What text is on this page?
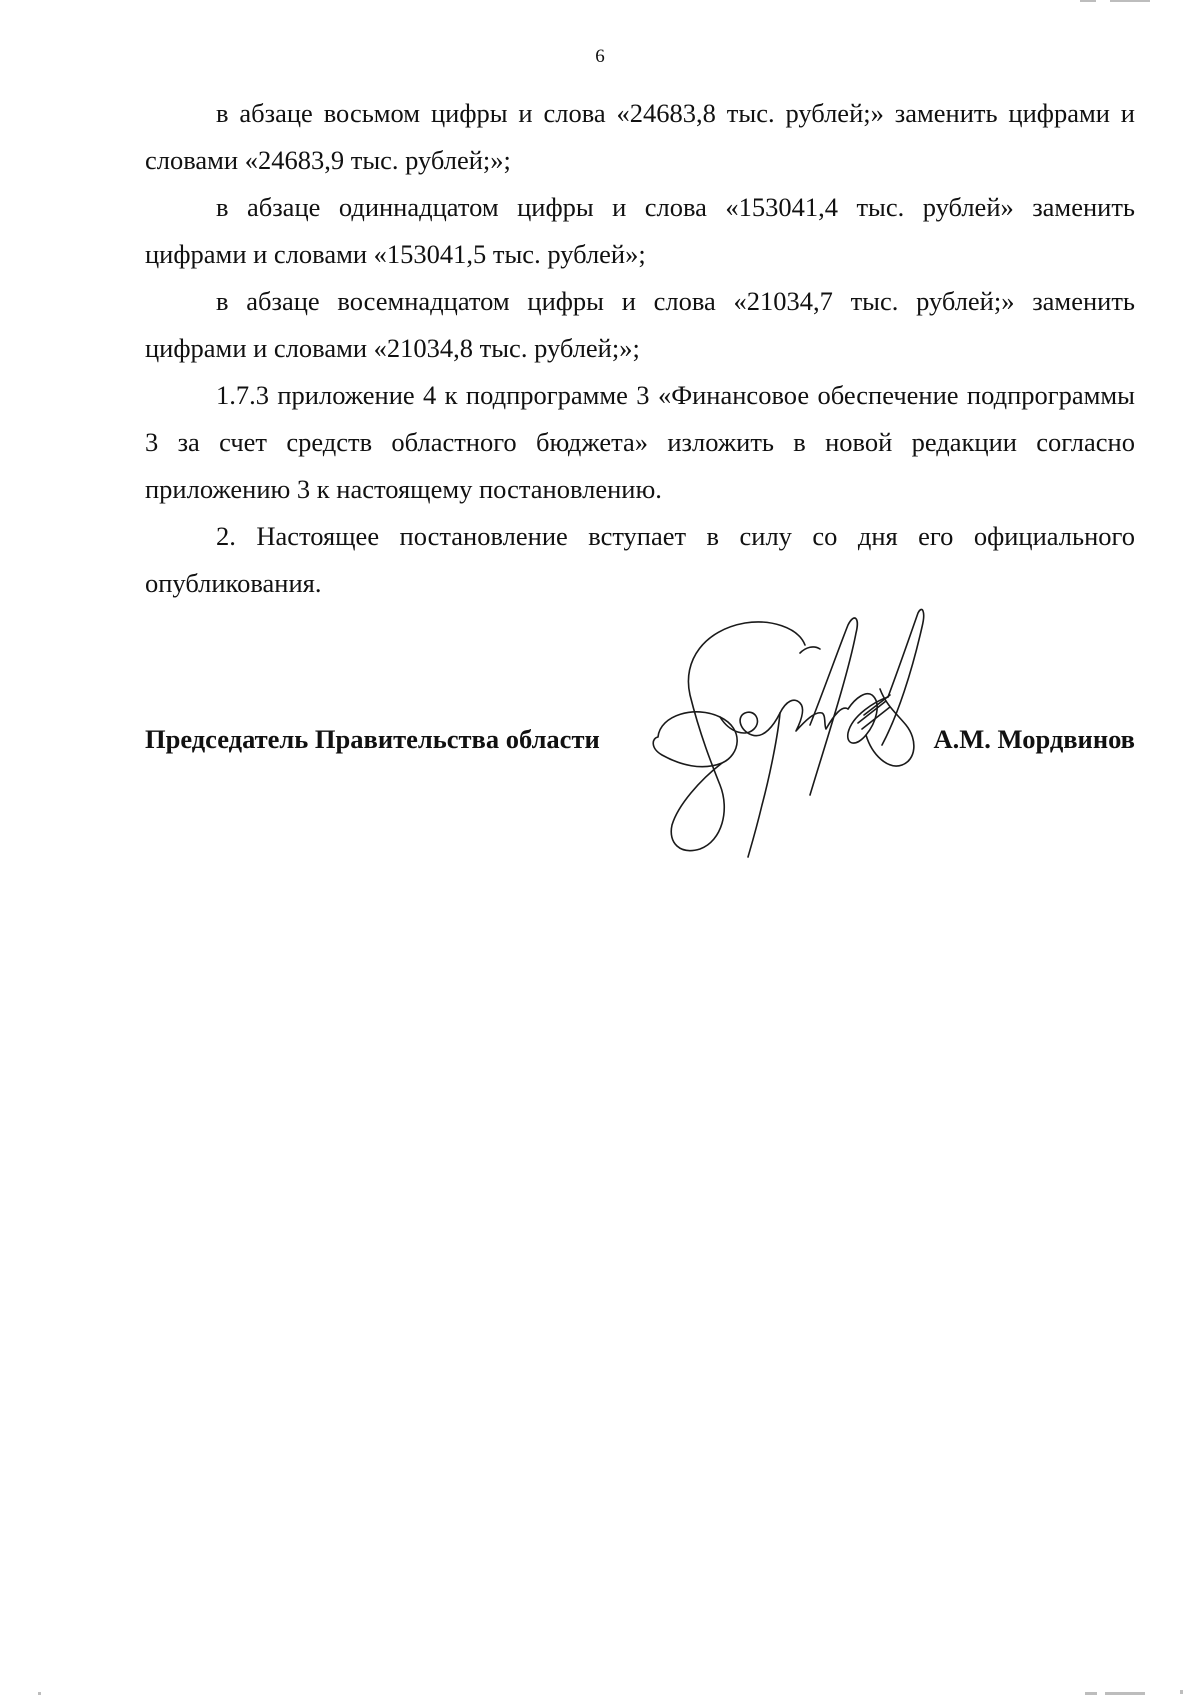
6

в абзаце восьмом цифры и слова «24683,8 тыс. рублей;» заменить цифрами и словами «24683,9 тыс. рублей;»;

в абзаце одиннадцатом цифры и слова «153041,4 тыс. рублей» заменить цифрами и словами «153041,5 тыс. рублей»;

в абзаце восемнадцатом цифры и слова «21034,7 тыс. рублей;» заменить цифрами и словами «21034,8 тыс. рублей;»;

1.7.3 приложение 4 к подпрограмме 3 «Финансовое обеспечение подпрограммы 3 за счет средств областного бюджета» изложить в новой редакции согласно приложению 3 к настоящему постановлению.

2. Настоящее постановление вступает в силу со дня его официального опубликования.

Председатель Правительства области	А.М. Мордвинов
